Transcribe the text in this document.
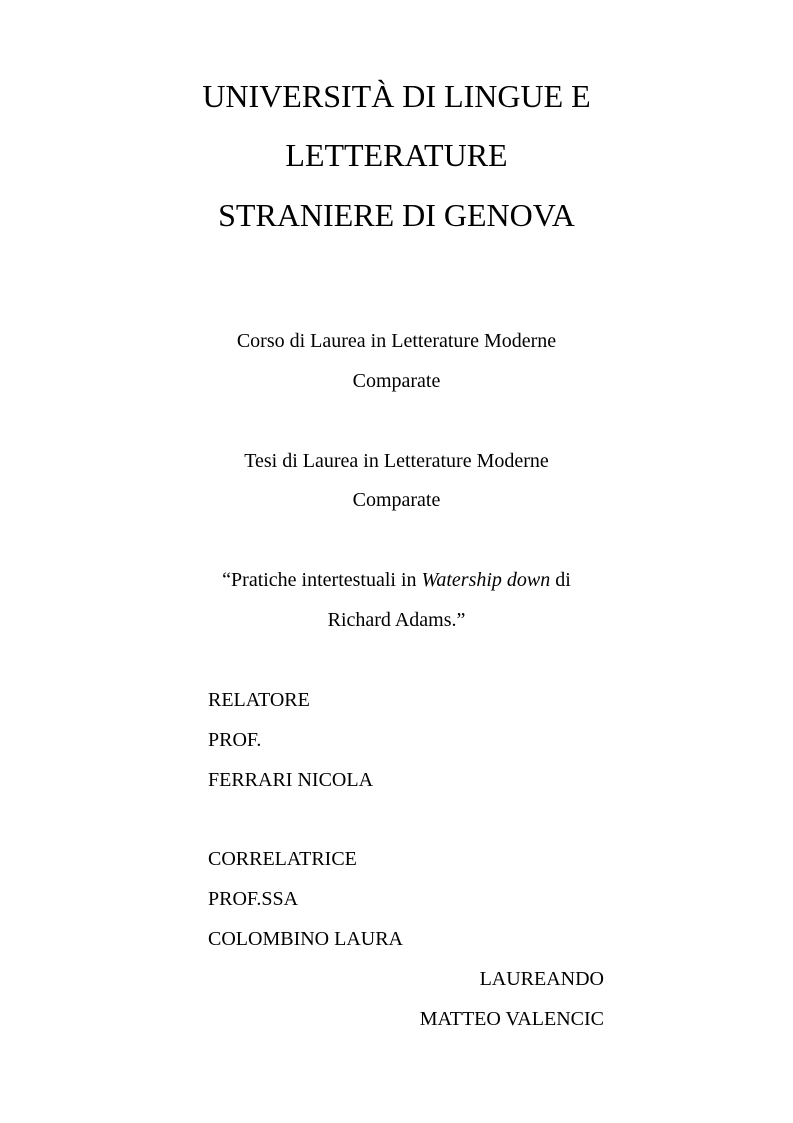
UNIVERSITÀ DI LINGUE E
LETTERATURE
STRANIERE DI GENOVA
Corso di Laurea in Letterature Moderne
Comparate
Tesi di Laurea in Letterature Moderne
Comparate
“Pratiche intertestuali in Watership down di
Richard Adams.”
RELATORE
PROF.
FERRARI NICOLA
CORRELATRICE
PROF.SSA
COLOMBINO LAURA
LAUREANDO
MATTEO VALENCIC
